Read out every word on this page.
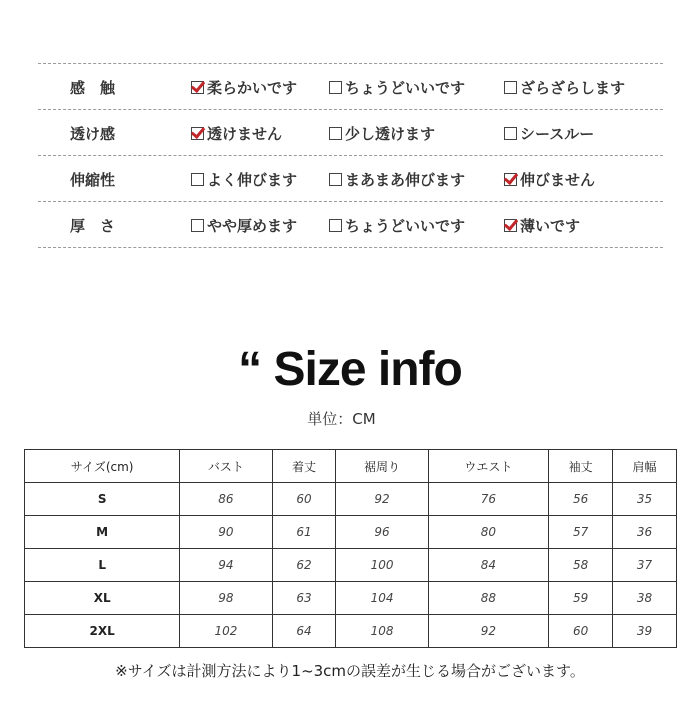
感　触	柔らかいです	ちょうどいいです	ざらざらします
透け感	透けません	少し透けます	シースルー
伸縮性	よく伸びます	まあまあ伸びます	伸びません
厚　さ	やや厚めます	ちょうどいいです	薄いです
“ Size info
単位：CM
サイズ(cm)	バスト	着丈	裾周り	ウエスト	袖丈	肩幅
S	86	60	92	76	56	35
M	90	61	96	80	57	36
L	94	62	100	84	58	37
XL	98	63	104	88	59	38
2XL	102	64	108	92	60	39
※サイズは計測方法により1~3cmの誤差が生じる場合がございます。
